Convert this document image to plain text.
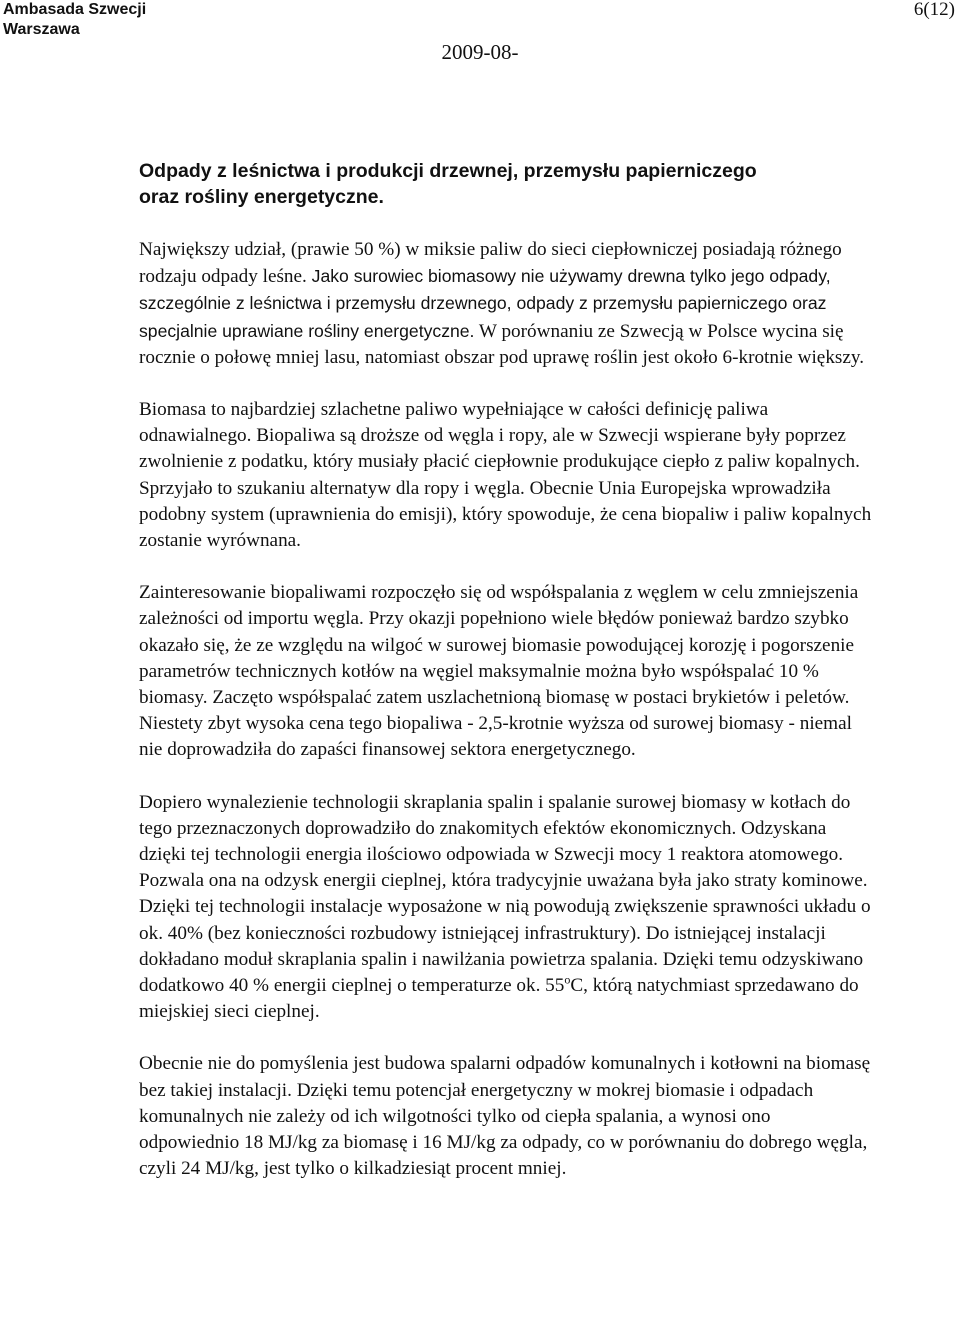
Ambasada Szwecji
Warszawa
6(12)
2009-08-
Odpady z leśnictwa i produkcji drzewnej, przemysłu papierniczego
oraz rośliny energetyczne.

Największy udział, (prawie 50 %) w miksie paliw do sieci ciepłowniczej posiadają różnego rodzaju odpady leśne. Jako surowiec biomasowy nie używamy drewna tylko jego odpady, szczególnie z leśnictwa i przemysłu drzewnego, odpady z przemysłu papierniczego oraz specjalnie uprawiane rośliny energetyczne. W porównaniu ze Szwecją w Polsce wycina się rocznie o połowę mniej lasu, natomiast obszar pod uprawę roślin jest około 6-krotnie większy.

Biomasa to najbardziej szlachetne paliwo wypełniające w całości definicję paliwa odnawialnego. Biopaliwa są droższe od węgla i ropy, ale w Szwecji wspierane były poprzez zwolnienie z podatku, który musiały płacić ciepłownie produkujące ciepło z paliw kopalnych. Sprzyjało to szukaniu alternatyw dla ropy i węgla. Obecnie Unia Europejska wprowadziła podobny system (uprawnienia do emisji), który spowoduje, że cena biopaliw i paliw kopalnych zostanie wyrównana.

Zainteresowanie biopaliwami rozpoczęło się od współspalania z węglem w celu zmniejszenia zależności od importu węgla. Przy okazji popełniono wiele błędów ponieważ bardzo szybko okazało się, że ze względu na wilgoć w surowej biomasie powodującej korozję i pogorszenie parametrów technicznych kotłów na węgiel maksymalnie można było współspalać 10 % biomasy. Zaczęto współspalać zatem uszlachetnioną biomasę w postaci brykietów i peletów. Niestety zbyt wysoka cena tego biopaliwa - 2,5-krotnie wyższa od surowej biomasy - niemal nie doprowadziła do zapaści finansowej sektora energetycznego.

Dopiero wynalezienie technologii skraplania spalin i spalanie surowej biomasy w kotłach do tego przeznaczonych doprowadziło do znakomitych efektów ekonomicznych. Odzyskana dzięki tej technologii energia ilościowo odpowiada w Szwecji mocy 1 reaktora atomowego. Pozwala ona na odzysk energii cieplnej, która tradycyjnie uważana była jako straty kominowe. Dzięki tej technologii instalacje wyposażone w nią powodują zwiększenie sprawności układu o ok. 40% (bez konieczności rozbudowy istniejącej infrastruktury). Do istniejącej instalacji dokładano moduł skraplania spalin i nawilżania powietrza spalania. Dzięki temu odzyskiwano dodatkowo 40 % energii cieplnej o temperaturze ok. 55$^o$C, którą natychmiast sprzedawano do miejskiej sieci cieplnej.

Obecnie nie do pomyślenia jest budowa spalarni odpadów komunalnych i kotłowni na biomasę bez takiej instalacji. Dzięki temu potencjał energetyczny w mokrej biomasie i odpadach komunalnych nie zależy od ich wilgotności tylko od ciepła spalania, a wynosi ono odpowiednio 18 MJ/kg za biomasę i 16 MJ/kg za odpady, co w porównaniu do dobrego węgla, czyli 24 MJ/kg, jest tylko o kilkadziesiąt procent mniej.
